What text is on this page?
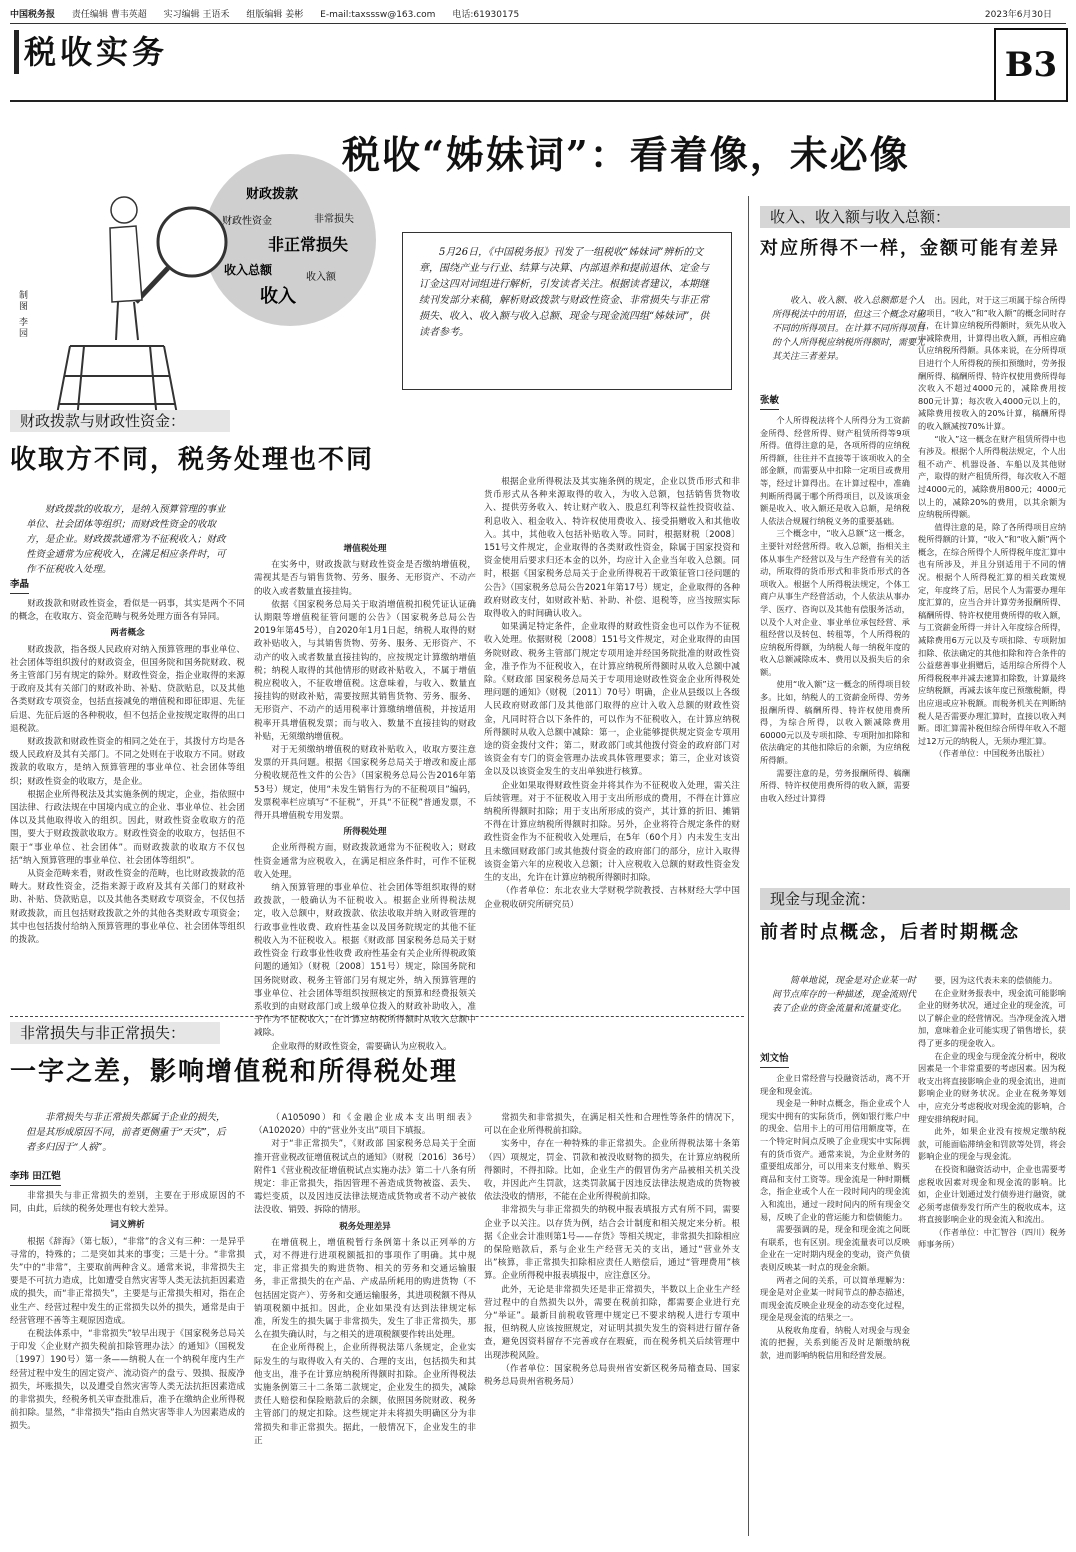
中国税务报 责任编辑 曹韦英超 实习编辑 王语禾 组版编辑 姜彬 E-mail:taxsssw@163.com 电话:61930175	2023年6月30日
税收实务	B3
税收“姊妹词”：看着像，未必像
财政拨款
财政性资金	非常损失
非正常损失
收入总额
收入额
收入
制图 李园
5月26日，《中国税务报》刊发了一组税收“姊妹词”辨析的文章，围绕产业与行业、结算与决算、内部退养和提前退休、定金与订金这四对词组进行解析，引发读者关注。根据读者建议，本期继续刊发部分来稿，解析财政拨款与财政性资金、非常损失与非正常损失、收入、收入额与收入总额、现金与现金流四组“姊妹词”，供读者参考。
财政拨款与财政性资金：
收取方不同，税务处理也不同
财政拨款的收取方，是纳入预算管理的事业单位、社会团体等组织；而财政性资金的收取方，是企业。财政拨款通常为不征税收入；财政性资金通常为应税收入，在满足相应条件时，可作不征税收入处理。
李晶

财政拨款和财政性资金，看似是一码事，其实是两个不同的概念，在收取方、资金范畴与税务处理方面各有异同。

两者概念

财政拨款，指各级人民政府对纳入预算管理的事业单位、社会团体等组织拨付的财政资金，但国务院和国务院财政、税务主管部门另有规定的除外。财政性资金，指企业取得的来源于政府及其有关部门的财政补助、补贴、贷款贴息，以及其他各类财政专项资金，包括直接减免的增值税和即征即退、先征后退、先征后返的各种税收，但不包括企业按规定取得的出口退税款。

财政拨款和财政性资金的相同之处在于，其拨付方均是各级人民政府及其有关部门。不同之处则在于收取方不同。财政拨款的收取方，是纳入预算管理的事业单位、社会团体等组织；财政性资金的收取方，是企业。

根据企业所得税法及其实施条例的规定，企业，指依照中国法律、行政法规在中国境内成立的企业、事业单位、社会团体以及其他取得收入的组织。因此，财政性资金收取方的范围，要大于财政拨款收取方。财政性资金的收取方，包括但不限于“事业单位、社会团体”。而财政拨款的收取方不仅包括“纳入预算管理的事业单位、社会团体等组织”。

从资金范畴来看，财政性资金的范畴，也比财政拨款的范畴大。财政性资金，泛指来源于政府及其有关部门的财政补助、补贴、贷款贴息，以及其他各类财政专项资金，不仅包括财政拨款，而且包括财政拨款之外的其他各类财政专项资金；其中也包括拨付给纳入预算管理的事业单位、社会团体等组织的拨款。

增值税处理

在实务中，财政拨款与财政性资金是否缴纳增值税，需视其是否与销售货物、劳务、服务、无形资产、不动产的收入或者数量直接挂钩。

依据《国家税务总局关于取消增值税扣税凭证认证确认期限等增值税征管问题的公告》（国家税务总局公告2019年第45号），自2020年1月1日起，纳税人取得的财政补贴收入，与其销售货物、劳务、服务、无形资产、不动产的收入或者数量直接挂钩的，应按规定计算缴纳增值税；纳税人取得的其他情形的财政补贴收入，不属于增值税应税收入，不征收增值税。这意味着，与收入、数量直接挂钩的财政补贴，需要按照其销售货物、劳务、服务、无形资产、不动产的适用税率计算缴纳增值税，并按适用税率开具增值税发票；而与收入、数量不直接挂钩的财政补贴，无须缴纳增值税。

对于无须缴纳增值税的财政补贴收入，收取方要注意发票的开具问题。根据《国家税务总局关于增改和废止部分税收规范性文件的公告》（国家税务总局公告2016年第53号）规定，使用“未发生销售行为的不征税项目”编码，发票税率栏应填写“不征税”，开具“不征税”普通发票，不得开具增值税专用发票。

所得税处理

企业所得税方面，财政拨款通常为不征税收入；财政性资金通常为应税收入，在满足相应条件时，可作不征税收入处理。

纳入预算管理的事业单位、社会团体等组织取得的财政拨款，一般确认为不征税收入。根据企业所得税法规定，收入总额中，财政拨款、依法收取并纳入财政管理的行政事业性收费、政府性基金以及国务院规定的其他不征税收入为不征税收入。根据《财政部 国家税务总局关于财政性资金 行政事业性收费 政府性基金有关企业所得税政策问题的通知》（财税〔2008〕151号）规定，除国务院和国务院财政、税务主管部门另有规定外，纳入预算管理的事业单位、社会团体等组织按照核定的预算和经费报领关系收到的由财政部门或上级单位拨入的财政补助收入，准予作为不征税收入，在计算应纳税所得额时从收入总额中减除。

企业取得的财政性资金，需要确认为应税收入。

根据企业所得税法及其实施条例的规定，企业以货币形式和非货币形式从各种来源取得的收入，为收入总额，包括销售货物收入、提供劳务收入、转让财产收入、股息红利等权益性投资收益、利息收入、租金收入、特许权使用费收入、接受捐赠收入和其他收入。其中，其他收入包括补贴收入等。同时，根据财税〔2008〕151号文件规定，企业取得的各类财政性资金，除属于国家投资和资金使用后要求归还本金的以外，均应计入企业当年收入总额。同时，根据《国家税务总局关于企业所得税若干政策征管口径问题的公告》（国家税务总局公告2021年第17号）规定，企业取得的各种政府财政支付，如财政补贴、补助、补偿、退税等，应当按照实际取得收入的时间确认收入。

如果满足特定条件，企业取得的财政性资金也可以作为不征税收入处理。依据财税〔2008〕151号文件规定，对企业取得的由国务院财政、税务主管部门规定专项用途并经国务院批准的财政性资金，准予作为不征税收入，在计算应纳税所得额时从收入总额中减除。《财政部 国家税务总局关于专项用途财政性资金企业所得税处理问题的通知》（财税〔2011〕70号）明确，企业从县级以上各级人民政府财政部门及其他部门取得的应计入收入总额的财政性资金，凡同时符合以下条件的，可以作为不征税收入，在计算应纳税所得额时从收入总额中减除：第一，企业能够提供规定资金专项用途的资金拨付文件；第二，财政部门或其他拨付资金的政府部门对该资金有专门的资金管理办法或具体管理要求；第三，企业对该资金以及以该资金发生的支出单独进行核算。

企业如果取得财政性资金并将其作为不征税收入处理，需关注后续管理。对于不征税收入用于支出所形成的费用，不得在计算应纳税所得额时扣除；用于支出所形成的资产，其计算的折旧、摊销不得在计算应纳税所得额时扣除。另外，企业将符合规定条件的财政性资金作为不征税收入处理后，在5年（60个月）内未发生支出且未缴回财政部门或其他拨付资金的政府部门的部分，应计入取得该资金第六年的应税收入总额；计入应税收入总额的财政性资金发生的支出，允许在计算应纳税所得额时扣除。

（作者单位：东北农业大学财税学院教授、吉林财经大学中国企业税收研究所研究员）

非常损失与非正常损失：
一字之差，影响增值税和所得税处理
非常损失与非正常损失都属于企业的损失，但是其形成原因不同，前者更侧重于“天灾”，后者多归因于“人祸”。
李玮 田江铠

非常损失与非正常损失的差别，主要在于形成原因的不同，由此，后续的税务处理也有较大差异。

词义辨析

根据《辞海》（第七版），“非常”的含义有三种：一是异乎寻常的，特殊的；二是突如其来的事变；三是十分。“非常损失”中的“非常”，主要取前两种含义。通常来说，非常损失主要是不可抗力造成，比如遭受自然灾害等人类无法抗拒因素造成的损失，而“非正常损失”，主要是与正常损失相对，指在企业生产、经营过程中发生的正常损失以外的损失，通常是由于经营管理不善等主观原因造成。

在税法体系中，“非常损失”较早出现于《国家税务总局关于印发〈企业财产损失税前扣除管理办法〉的通知》（国税发〔1997〕190号）第一条——纳税人在一个纳税年度内生产经营过程中发生的固定资产、流动资产的盘亏、毁损、报废净损失，坏账损失，以及遭受自然灾害等人类无法抗拒因素造成的非常损失，经税务机关审查批准后，准予在缴纳企业所得税前扣除。显然，“非常损失”指由自然灾害等非人为因素造成的损失。

（A105090）和《金融企业成本支出明细表》（A102020）中的“营业外支出”项目下填报。

对于“非正常损失”，《财政部 国家税务总局关于全面推开营业税改征增值税试点的通知》（财税〔2016〕36号）附件1《营业税改征增值税试点实施办法》第二十八条有所规定：非正常损失，指因管理不善造成货物被盗、丢失、霉烂变质，以及因违反法律法规造成货物或者不动产被依法没收、销毁、拆除的情形。

税务处理差异

在增值税上，增值税暂行条例第十条以正列举的方式，对不得进行进项税额抵扣的事项作了明确。其中规定，非正常损失的购进货物、相关的劳务和交通运输服务，非正常损失的在产品、产成品所耗用的购进货物（不包括固定资产）、劳务和交通运输服务，其进项税额不得从销项税额中抵扣。因此，企业如果没有达到法律规定标准，所发生的损失属于非常损失，发生了非正常损失，那么在损失确认时，与之相关的进项税额要作转出处理。

在企业所得税上，企业所得税法第八条规定，企业实际发生的与取得收入有关的、合理的支出，包括损失和其他支出，准予在计算应纳税所得额时扣除。企业所得税法实施条例第三十二条第二款规定，企业发生的损失，减除责任人赔偿和保险赔款后的余额，依照国务院财政、税务主管部门的规定扣除。这些规定并未将损失明确区分为非常损失和非正常损失。据此，一般情况下，企业发生的非正

常损失和非常损失，在满足相关性和合理性等条件的情况下，可以在企业所得税前扣除。

实务中，存在一种特殊的非正常损失。企业所得税法第十条第（四）项规定，罚金、罚款和被没收财物的损失，在计算应纳税所得额时，不得扣除。比如，企业生产的假冒伪劣产品被相关机关没收，并因此产生罚款，这类罚款属于因违反法律法规造成的货物被依法没收的情形，不能在企业所得税前扣除。

非常损失与非正常损失的纳税申报表填报方式有所不同，需要企业予以关注。以存货为例，结合会计制度和相关规定来分析。根据《企业会计准则第1号——存货》等相关规定，非常损失扣除相应的保险赔款后，系与企业生产经营无关的支出，通过“营业外支出”核算，非正常损失扣除相应责任人赔偿后，通过“管理费用”核算。企业所得税申报表填报中，应注意区分。

此外，无论是非常损失还是非正常损失，半数以上企业生产经营过程中的自然损失以外，需要在税前扣除，都需要企业进行充分“举证”。最新目前税收管理中规定已不要求纳税人进行专项申报，但纳税人应该按照规定，对证明其损失发生的资料进行留存备查，避免因资料留存不完善或存在瑕疵，而在税务机关后续管理中出现涉税风险。

（作者单位：国家税务总局贵州省安新区税务局稽查局、国家税务总局贵州省税务局）

收入、收入额与收入总额：
对应所得不一样，金额可能有差异
收入、收入额、收入总额都是个人所得税法中的用语，但这三个概念对应不同的所得项目。在计算不同所得项目的个人所得税应纳税所得额时，需要尤其关注三者差异。
张敏

个人所得税法将个人所得分为工资薪金所得、经营所得、财产租赁所得等9项所得。值得注意的是，各项所得的应纳税所得额，往往并不直接等于该项收入的全部金额，而需要从中扣除一定项目或费用等，经过计算得出。在计算过程中，准确判断所得属于哪个所得项目，以及该项金额是收入、收入额还是收入总额，是纳税人依法合规履行纳税义务的重要基础。

三个概念中，“收入总额”这一概念，主要针对经营所得。收入总额，指相关主体从事生产经营以及与生产经营有关的活动，所取得的货币形式和非货币形式的各项收入。根据个人所得税法规定，个体工商户从事生产经营活动，个人依法从事办学、医疗、咨询以及其他有偿服务活动，以及个人对企业、事业单位承包经营、承租经营以及转包、转租等，个人所得税的应纳税所得额，为纳税人每一纳税年度的收入总额减除成本、费用以及损失后的余额。

使用“收入额”这一概念的所得项目较多。比如，纳税人的工资薪金所得、劳务报酬所得、稿酬所得、特许权使用费所得，为综合所得，以收入额减除费用60000元以及专项扣除、专项附加扣除和依法确定的其他扣除后的余额，为应纳税所得额。

需要注意的是，劳务报酬所得、稿酬所得、特许权使用费所得的收入额，需要由收入经过计算得

出。因此，对于这三项属于综合所得的项目，“收入”和“收入额”的概念同时存在，在计算应纳税所得额时，须先从收入中减除费用，计算得出收入额，再相应确认应纳税所得额。具体来说，在分所得项目进行个人所得税的预扣预缴时，劳务报酬所得、稿酬所得、特许权使用费所得每次收入不超过4000元的，减除费用按800元计算；每次收入4000元以上的，减除费用按收入的20%计算，稿酬所得的收入额减按70%计算。

“收入”这一概念在财产租赁所得中也有涉及。根据个人所得税法规定，个人出租不动产、机器设备、车船以及其他财产，取得的财产租赁所得，每次收入不超过4000元的，减除费用800元；4000元以上的，减除20%的费用，以其余额为应纳税所得额。

值得注意的是，除了各所得项目应纳税所得额的计算，“收入”和“收入额”两个概念，在综合所得个人所得税年度汇算中也有所涉及，并且分别适用于不同的情况。根据个人所得税汇算的相关政策规定，年度终了后，居民个人为需要办理年度汇算的，应当合并计算劳务报酬所得、稿酬所得、特许权使用费所得的收入额，与工资薪金所得一并计入年度综合所得，减除费用6万元以及专项扣除、专项附加扣除、依法确定的其他扣除和符合条件的公益慈善事业捐赠后，适用综合所得个人所得税税率并减去速算扣除数，计算最终应纳税额，再减去该年度已预缴税额，得出应退或应补税额。而税务机关在判断纳税人是否需要办理汇算时，直接以收入判断。即汇算需补税但综合所得年收入不超过12万元的纳税人，无须办理汇算。

（作者单位：中国税务出版社）

现金与现金流：
前者时点概念，后者时期概念
简单地说，现金是对企业某一时间节点库存的一种描述，现金流则代表了企业的资金流量和流量变化。
刘文怡

企业日常经营与投融资活动，离不开现金和现金流。

现金是一种时点概念，指企业或个人现实中拥有的实际货币，例如银行账户中的现金、信用卡上的可用信用额度等，在一个特定时间点反映了企业现实中实际拥有的货币资产。通常来说，为企业财务的重要组成部分，可以用来支付账单、购买商品和支付工资等。现金流是一种时期概念，指企业或个人在一段时间内的现金流入和流出，通过一段时间内的所有现金交易，反映了企业的营运能力和偿债能力。

需要强调的是，现金和现金流之间既有联系，也有区别。现金流量表可以反映企业在一定时期内现金的变动，资产负债表则反映某一时点的现金余额。

两者之间的关系，可以简单理解为：现金是对企业某一时间节点的静态描述，而现金流反映企业现金的动态变化过程，现金是现金流的结果之一。

从税收角度看，纳税人对现金与现金流的把握，关系到能否及时足额缴纳税款，进而影响纳税信用和经营发展。

要，因为这代表未来的偿债能力。

在企业财务报表中，现金流可能影响企业的财务状况，通过企业的现金流，可以了解企业的经营情况。当净现金流入增加，意味着企业可能实现了销售增长，获得了更多的现金收入。

在企业的现金与现金流分析中，税收因素是一个非常重要的考虑因素。因为税收支出将直接影响企业的现金流出，进而影响企业的财务状况。企业在税务筹划中，应充分考虑税收对现金流的影响，合理安排纳税时间。

此外，如果企业没有按规定缴纳税款，可能面临滞纳金和罚款等处罚，将会影响企业的现金与现金流。

在投资和融资活动中，企业也需要考虑税收因素对现金和现金流的影响。比如，企业计划通过发行债券进行融资，就必须考虑债券发行所产生的税收成本，这将直接影响企业的现金流入和流出。

（作者单位：中汇智谷（四川）税务师事务所）
